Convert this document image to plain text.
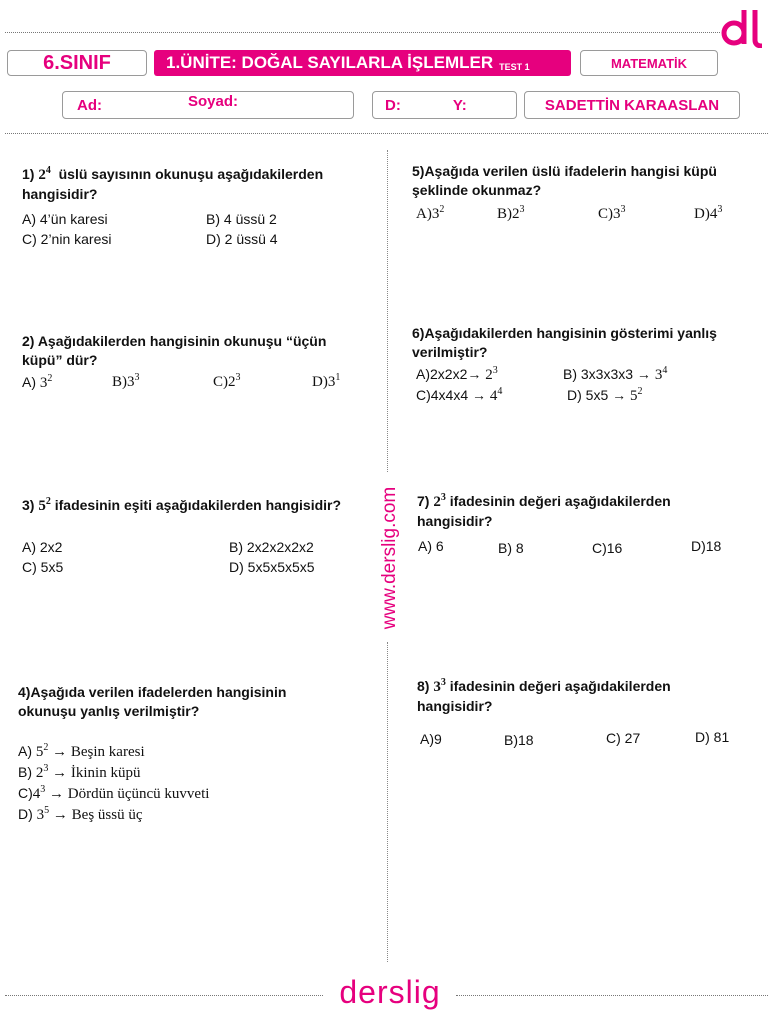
6.SINIF	1.ÜNİTE: DOĞAL SAYILARLA İŞLEMLER TEST 1	MATEMATİK
Ad:	Soyad:	D:	Y:	SADETTİN KARAASLAN
www.derslig.com
1) $2^4$ üslü sayısının okunuşu aşağıdakilerden
hangisidir?
A) 4’ün karesi	B) 4 üssü 2
C) 2’nin karesi	D) 2 üssü 4
2) Aşağıdakilerden hangisinin okunuşu “üçün
küpü” dür?
A) $3^2$	$B)3^3$	$C)2^3$	$D)3^1$
3) $5^2$ ifadesinin eşiti aşağıdakilerden hangisidir?
A) 2x2	B) 2x2x2x2x2
C) 5x5	D) 5x5x5x5x5
4)Aşağıda verilen ifadelerden hangisinin
okunuşu yanlış verilmiştir?
A) $5^2$ → Beşin karesi
B) $2^3$ → İkinin küpü
$C)4^3$ → Dördün üçüncü kuvveti
D) $3^5$ → Beş üssü üç
5)Aşağıda verilen üslü ifadelerin hangisi küpü
şeklinde okunmaz?
$A)3^2$	$B)2^3$	$C)3^3$	$D)4^3$
6)Aşağıdakilerden hangisinin gösterimi yanlış
verilmiştir?
$A)2x2x2\to 2^3$	B) $3x3x3x3 \to 3^4$
$C)4x4x4 \to 4^4$	D) $5x5 \to 5^2$
7) $2^3$ ifadesinin değeri aşağıdakilerden
hangisidir?
A) 6	B) 8	C)16	D)18
8) $3^3$ ifadesinin değeri aşağıdakilerden
hangisidir?
A)9	B)18	C) 27	D) 81
derslig
